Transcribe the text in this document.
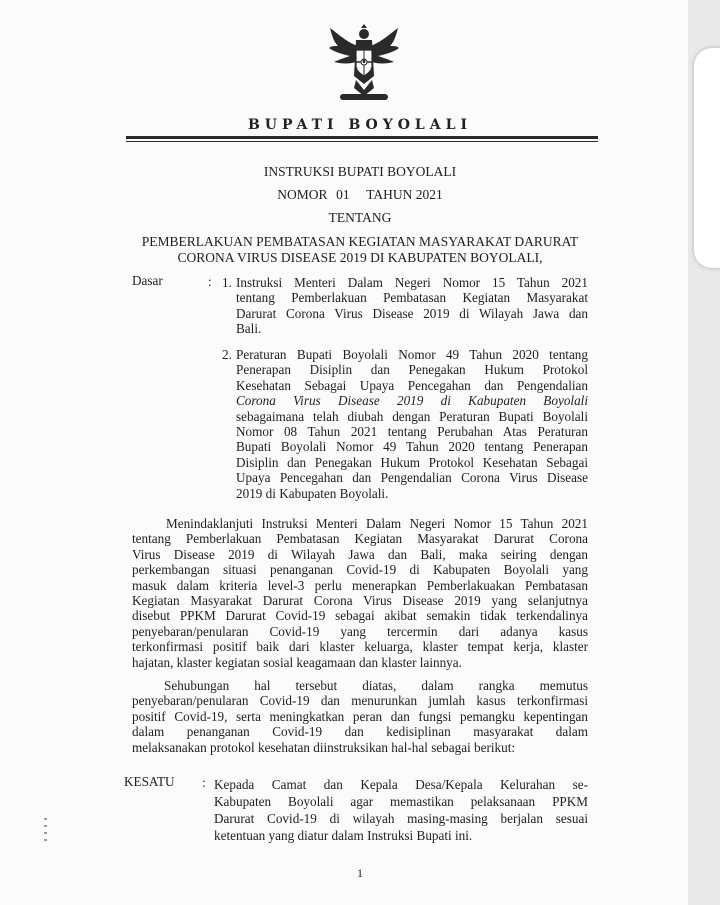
BUPATI BOYOLALI
INSTRUKSI BUPATI BOYOLALI
NOMOR 01 TAHUN 2021
TENTANG
PEMBERLAKUAN PEMBATASAN KEGIATAN MASYARAKAT DARURAT
CORONA VIRUS DISEASE 2019 DI KABUPATEN BOYOLALI,
Dasar	: 1. Instruksi Menteri Dalam Negeri Nomor 15 Tahun 2021
tentang Pemberlakuan Pembatasan Kegiatan Masyarakat
Darurat Corona Virus Disease 2019 di Wilayah Jawa dan
Bali.
2. Peraturan Bupati Boyolali Nomor 49 Tahun 2020 tentang
Penerapan Disiplin dan Penegakan Hukum Protokol
Kesehatan Sebagai Upaya Pencegahan dan Pengendalian
Corona Virus Disease 2019 di Kabupaten Boyolali
sebagaimana telah diubah dengan Peraturan Bupati Boyolali
Nomor 08 Tahun 2021 tentang Perubahan Atas Peraturan
Bupati Boyolali Nomor 49 Tahun 2020 tentang Penerapan
Disiplin dan Penegakan Hukum Protokol Kesehatan Sebagai
Upaya Pencegahan dan Pengendalian Corona Virus Disease
2019 di Kabupaten Boyolali.
Menindaklanjuti Instruksi Menteri Dalam Negeri Nomor 15 Tahun 2021
tentang Pemberlakuan Pembatasan Kegiatan Masyarakat Darurat Corona
Virus Disease 2019 di Wilayah Jawa dan Bali, maka seiring dengan
perkembangan situasi penanganan Covid-19 di Kabupaten Boyolali yang
masuk dalam kriteria level-3 perlu menerapkan Pemberlakuakan Pembatasan
Kegiatan Masyarakat Darurat Corona Virus Disease 2019 yang selanjutnya
disebut PPKM Darurat Covid-19 sebagai akibat semakin tidak terkendalinya
penyebaran/penularan Covid-19 yang tercermin dari adanya kasus
terkonfirmasi positif baik dari klaster keluarga, klaster tempat kerja, klaster
hajatan, klaster kegiatan sosial keagamaan dan klaster lainnya.
Sehubungan hal tersebut diatas, dalam rangka memutus
penyebaran/penularan Covid-19 dan menurunkan jumlah kasus terkonfirmasi
positif Covid-19, serta meningkatkan peran dan fungsi pemangku kepentingan
dalam penanganan Covid-19 dan kedisiplinan masyarakat dalam
melaksanakan protokol kesehatan diinstruksikan hal-hal sebagai berikut:
KESATU : Kepada Camat dan Kepala Desa/Kepala Kelurahan se-
Kabupaten Boyolali agar memastikan pelaksanaan PPKM
Darurat Covid-19 di wilayah masing-masing berjalan sesuai
ketentuan yang diatur dalam Instruksi Bupati ini.
1
